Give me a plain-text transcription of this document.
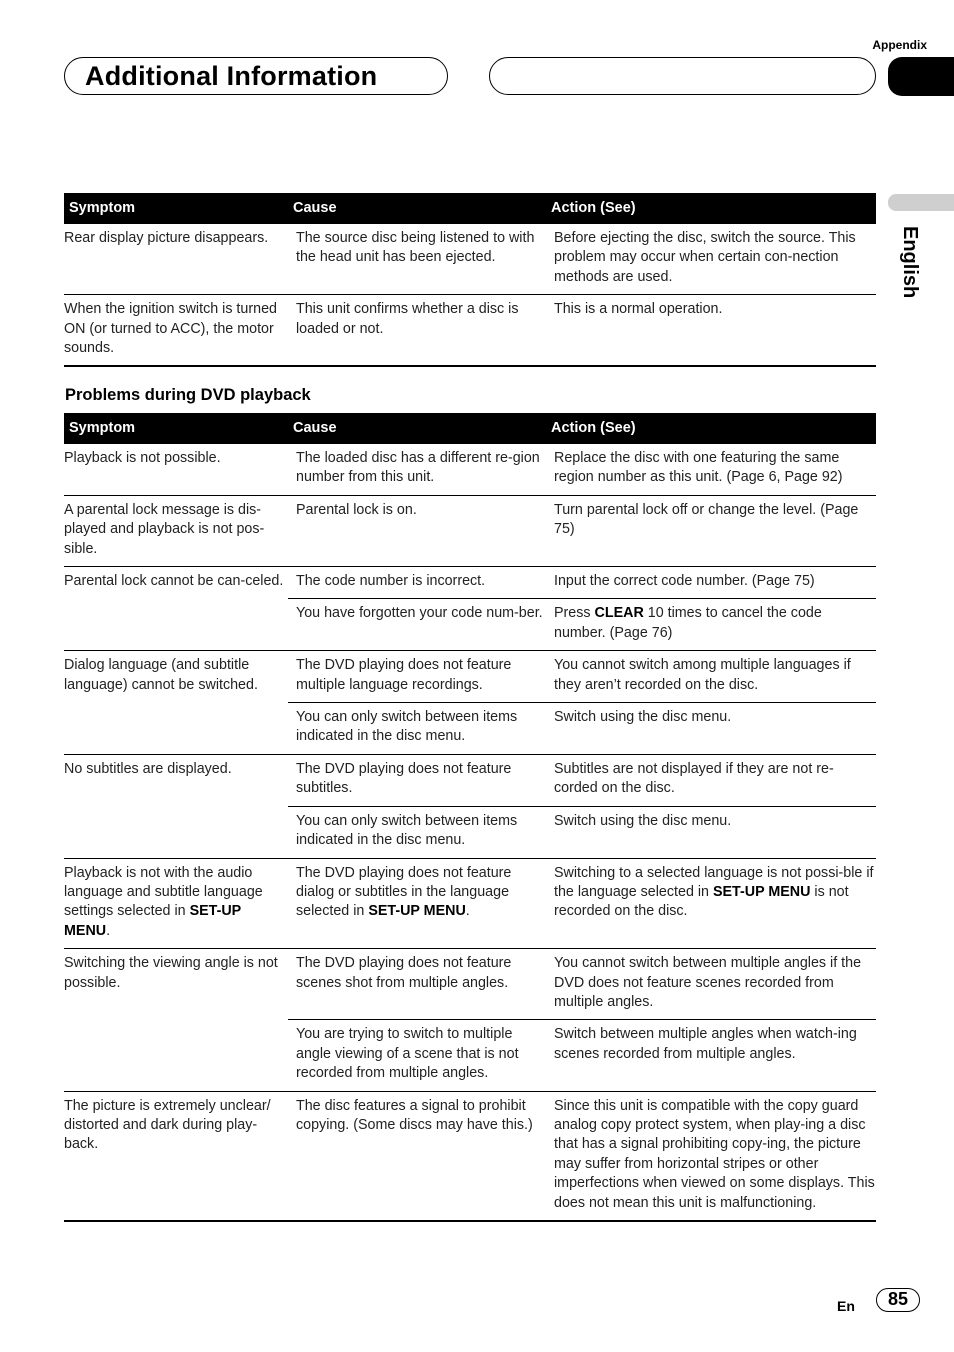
Appendix
Additional Information
English
Symptom	Cause	Action (See)
Rear display picture disappears.	The source disc being listened to with the head unit has been ejected.	Before ejecting the disc, switch the source. This problem may occur when certain con-nection methods are used.
When the ignition switch is turned ON (or turned to ACC), the motor sounds.	This unit confirms whether a disc is loaded or not.	This is a normal operation.
Problems during DVD playback
Symptom	Cause	Action (See)
Playback is not possible.	The loaded disc has a different re-gion number from this unit.	Replace the disc with one featuring the same region number as this unit. (Page 6, Page 92)
A parental lock message is dis-played and playback is not pos-sible.	Parental lock is on.	Turn parental lock off or change the level. (Page 75)
Parental lock cannot be can-celed.	The code number is incorrect.	Input the correct code number. (Page 75)
	You have forgotten your code num-ber.	Press CLEAR 10 times to cancel the code number. (Page 76)
Dialog language (and subtitle language) cannot be switched.	The DVD playing does not feature multiple language recordings.	You cannot switch among multiple languages if they aren’t recorded on the disc.
	You can only switch between items indicated in the disc menu.	Switch using the disc menu.
No subtitles are displayed.	The DVD playing does not feature subtitles.	Subtitles are not displayed if they are not re-corded on the disc.
	You can only switch between items indicated in the disc menu.	Switch using the disc menu.
Playback is not with the audio language and subtitle language settings selected in SET-UP MENU.	The DVD playing does not feature dialog or subtitles in the language selected in SET-UP MENU.	Switching to a selected language is not possi-ble if the language selected in SET-UP MENU is not recorded on the disc.
Switching the viewing angle is not possible.	The DVD playing does not feature scenes shot from multiple angles.	You cannot switch between multiple angles if the DVD does not feature scenes recorded from multiple angles.
	You are trying to switch to multiple angle viewing of a scene that is not recorded from multiple angles.	Switch between multiple angles when watch-ing scenes recorded from multiple angles.
The picture is extremely unclear/ distorted and dark during play-back.	The disc features a signal to prohibit copying. (Some discs may have this.)	Since this unit is compatible with the copy guard analog copy protect system, when play-ing a disc that has a signal prohibiting copy-ing, the picture may suffer from horizontal stripes or other imperfections when viewed on some displays. This does not mean this unit is malfunctioning.
En	85
